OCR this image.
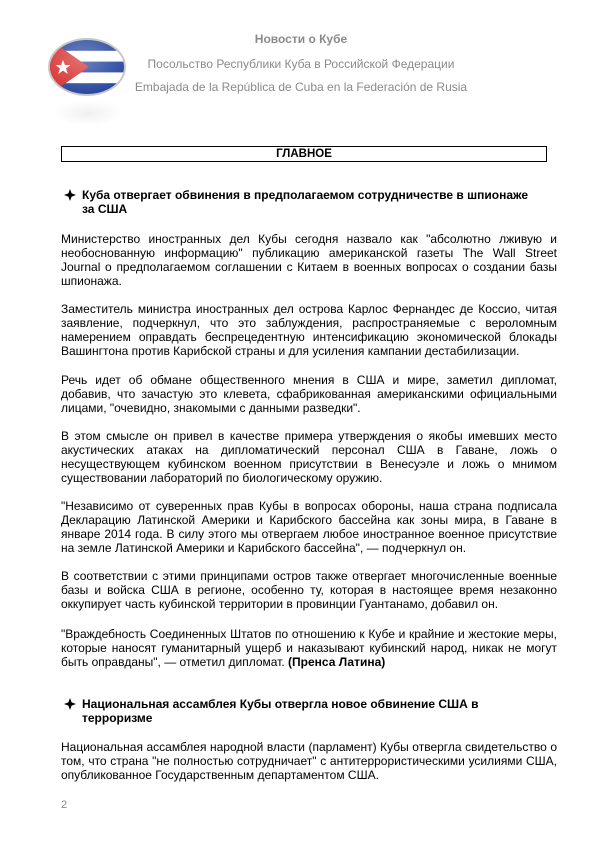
Новости о Кубе
Посольство Республики Куба в Российской Федерации
Embajada de la República de Cuba en la Federación de Rusia
ГЛАВНОЕ
Куба отвергает обвинения в предполагаемом сотрудничестве в шпионаже
за США
Министерство иностранных дел Кубы сегодня назвало как "абсолютно лживую и необоснованную информацию" публикацию американской газеты The Wall Street Journal о предполагаемом соглашении с Китаем в военных вопросах о создании базы шпионажа.
Заместитель министра иностранных дел острова Карлос Фернандес де Коссио, читая заявление, подчеркнул, что это заблуждения, распространяемые с вероломным намерением оправдать беспрецедентную интенсификацию экономической блокады Вашингтона против Карибской страны и для усиления кампании дестабилизации.
Речь идет об обмане общественного мнения в США и мире, заметил дипломат, добавив, что зачастую это клевета, сфабрикованная американскими официальными лицами, "очевидно, знакомыми с данными разведки".
В этом смысле он привел в качестве примера утверждения о якобы имевших место акустических атаках на дипломатический персонал США в Гаване, ложь о несуществующем кубинском военном присутствии в Венесуэле и ложь о мнимом существовании лабораторий по биологическому оружию.
"Независимо от суверенных прав Кубы в вопросах обороны, наша страна подписала Декларацию Латинской Америки и Карибского бассейна как зоны мира, в Гаване в январе 2014 года. В силу этого мы отвергаем любое иностранное военное присутствие на земле Латинской Америки и Карибского бассейна", — подчеркнул он.
В соответствии с этими принципами остров также отвергает многочисленные военные базы и войска США в регионе, особенно ту, которая в настоящее время незаконно оккупирует часть кубинской территории в провинции Гуантанамо, добавил он.
"Враждебность Соединенных Штатов по отношению к Кубе и крайние и жестокие меры, которые наносят гуманитарный ущерб и наказывают кубинский народ, никак не могут быть оправданы", — отметил дипломат. (Пренса Латина)
Национальная ассамблея Кубы отвергла новое обвинение США в
терроризме
Национальная ассамблея народной власти (парламент) Кубы отвергла свидетельство о том, что страна "не полностью сотрудничает" с антитеррористическими усилиями США, опубликованное Государственным департаментом США.
2
